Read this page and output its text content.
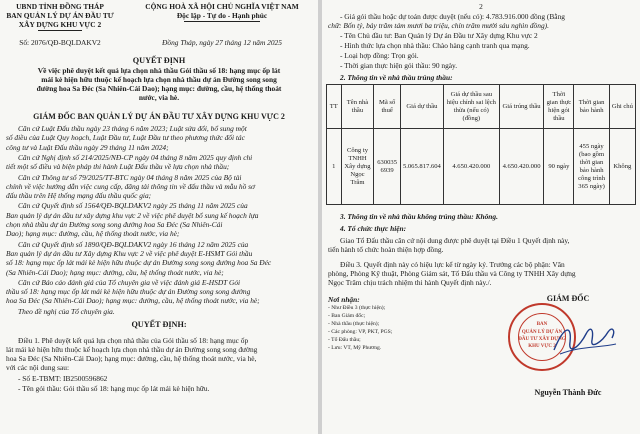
UBND TỈNH ĐỒNG THÁP
BAN QUẢN LÝ DỰ ÁN ĐẦU TƯ
XÂY DỰNG KHU VỰC 2
CỘNG HOÀ XÃ HỘI CHỦ NGHĨA VIỆT NAM
Độc lập - Tự do - Hạnh phúc
Số: 2076/QĐ-BQLDAKV2	Đồng Tháp, ngày 27 tháng 12 năm 2025
QUYẾT ĐỊNH
Về việc phê duyệt kết quả lựa chọn nhà thầu Gói thầu số 18: hạng mục ốp lát
mái kè hiện hữu thuộc kế hoạch lựa chọn nhà thầu dự án Đường song song
đường hoa Sa Đéc (Sa Nhiên-Cái Dao); hạng mục: đường, cầu, hệ thống thoát
nước, via hè.
GIÁM ĐỐC BAN QUẢN LÝ DỰ ÁN ĐẦU TƯ XÂY DỰNG KHU VỰC 2
Căn cứ Luật Đấu thầu ngày 23 tháng 6 năm 2023; Luật sửa đổi, bổ sung một
số điều của Luật Quy hoạch, Luật Đầu tư, Luật Đầu tư theo phương thức đối tác
công tư và Luật Đấu thầu ngày 29 tháng 11 năm 2024;
Căn cứ Nghị định số 214/2025/NĐ-CP ngày 04 tháng 8 năm 2025 quy định chi
tiết một số điều và biện pháp thi hành Luật Đấu thầu về lựa chọn nhà thầu;
Căn cứ Thông tư số 79/2025/TT-BTC ngày 04 tháng 8 năm 2025 của Bộ tài
chính về việc hướng dẫn việc cung cấp, đăng tải thông tin về đấu thầu và mẫu hồ sơ
đấu thầu trên Hệ thống mạng đấu thầu quốc gia;
Căn cứ Quyết định số 1564/QĐ-BQLDAKV2 ngày 25 tháng 11 năm 2025 của
Ban quản lý dự án đầu tư xây dựng khu vực 2 về việc phê duyệt bổ sung kế hoạch lựa
chọn nhà thầu dự án Đường song song đường hoa Sa Đéc (Sa Nhiên-Cái
Dao); hạng mục: đường, cầu, hệ thống thoát nước, via hè;
Căn cứ Quyết định số 1890/QĐ-BQLDAKV2 ngày 16 tháng 12 năm 2025 của
Ban quản lý dự án đầu tư Xây dựng Khu vực 2 về việc phê duyệt E-HSMT Gói thầu
số 18: hạng mục ốp lát mái kè hiện hữu thuộc dự án Đường song song đường hoa Sa Đéc
(Sa Nhiên-Cái Dao); hạng mục: đường, cầu, hệ thống thoát nước, via hè;
Căn cứ Báo cáo đánh giá của Tổ chuyên gia về việc đánh giá E-HSDT Gói
thầu số 18: hạng mục ốp lát mái kè hiện hữu thuộc dự án Đường song song đường
hoa Sa Đéc (Sa Nhiên-Cái Dao); hạng mục: đường, cầu, hệ thống thoát nước, via hè;
Theo đề nghị của Tổ chuyên gia.
QUYẾT ĐỊNH:
Điều 1. Phê duyệt kết quả lựa chọn nhà thầu của Gói thầu số 18: hạng mục ốp
lát mái kè hiện hữu thuộc kế hoạch lựa chọn nhà thầu dự án Đường song song đường
hoa Sa Đéc (Sa Nhiên-Cái Dao); hạng mục: đường, cầu, hệ thống thoát nước, via hè,
với các nội dung sau:
- Số E-TBMT: IB2500596862
- Tên gói thầu: Gói thầu số 18: hạng mục ốp lát mái kè hiện hữu.
2
- Giá gói thầu hoặc dự toán được duyệt (nếu có): 4.783.916.000 đồng (Bằng
chữ: Bốn tỷ, bảy trăm tám mươi ba triệu, chín trăm mười sáu nghìn đồng).
- Tên Chủ đầu tư: Ban Quản lý Dự án Đầu tư Xây dựng Khu vực 2
- Hình thức lựa chọn nhà thầu: Chào hàng cạnh tranh qua mạng.
- Loại hợp đồng: Trọn gói.
- Thời gian thực hiện gói thầu: 90 ngày.
2. Thông tin về nhà thầu trúng thầu:
TT	Tên nhà thầu	Mã số thuế	Giá dự thầu	Giá dự thầu sau hiệu chỉnh sai lệch thừa (nếu có) (đồng)	Giá trúng thầu	Thời gian thực hiện gói thầu	Thời gian bảo hành	Ghi chú
1	Công ty TNHH Xây dựng Ngọc Trâm	630035 6939	5.065.817.604	4.650.420.000	4.650.420.000	90 ngày	455 ngày (bao gồm thời gian bảo hành công trình 365 ngày)	Không
3. Thông tin về nhà thầu không trúng thầu: Không.
4. Tổ chức thực hiện:
Giao Tổ Đấu thầu căn cứ nội dung được phê duyệt tại Điều 1 Quyết định này,
tiến hành tổ chức hoàn thiện hợp đồng.
Điều 3. Quyết định này có hiệu lực kể từ ngày ký. Trưởng các bộ phận: Văn
phòng, Phòng Kỹ thuật, Phòng Giám sát, Tổ Đấu thầu và Công ty TNHH Xây dựng
Ngọc Trâm chịu trách nhiệm thi hành Quyết định này./.
Nơi nhận:
- Như Điều 3 (thực hiện);
- Ban Giám đốc;
- Nhà thầu (thực hiện);
- Các phòng: VP, PKT, PGS;
- Tổ Đấu thầu;
- Lưu: VT, Mỹ Phương.
GIÁM ĐỐC
BAN
QUẢN LÝ DỰ ÁN
ĐẦU TƯ XÂY DỰNG
KHU VỰC 2
Nguyễn Thành Đức
